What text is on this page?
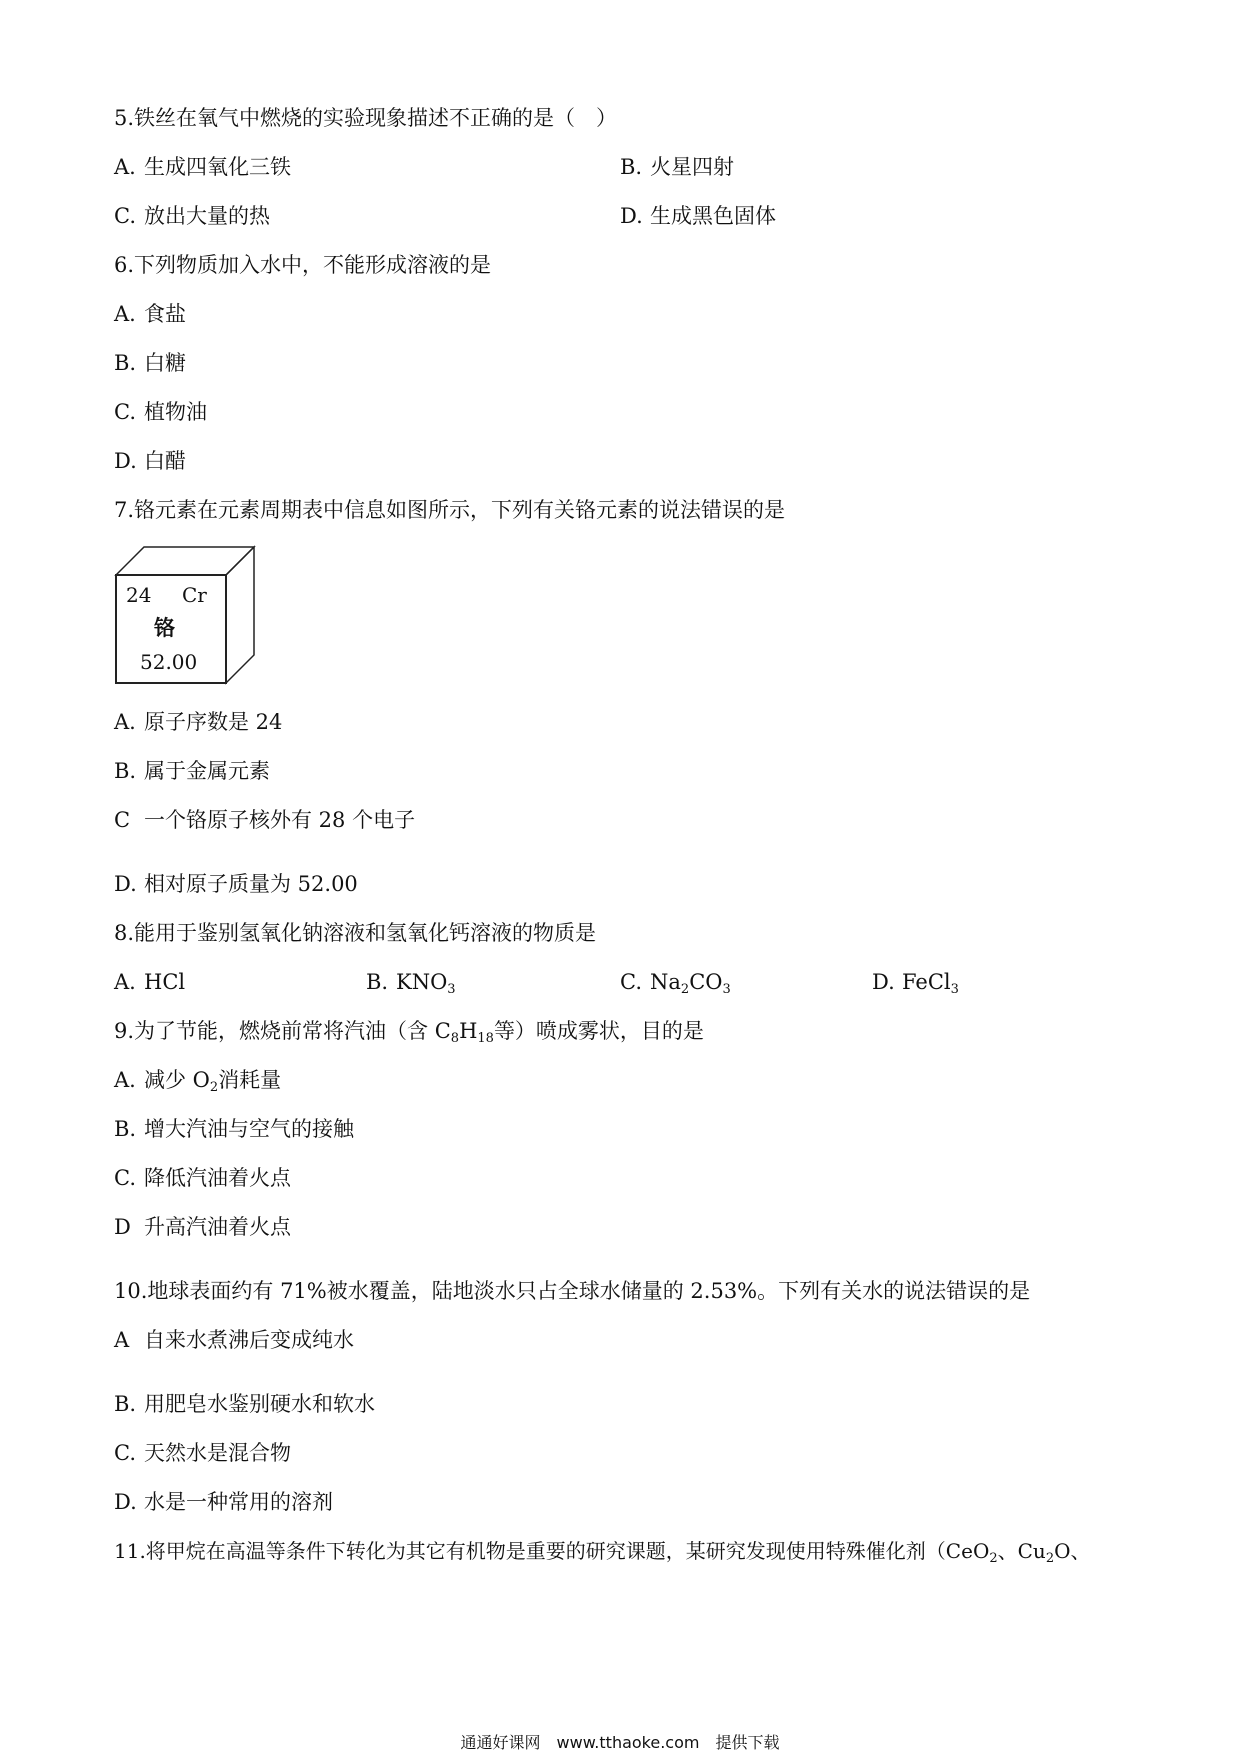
5.铁丝在氧气中燃烧的实验现象描述不正确的是（　）
A. 生成四氧化三铁	B. 火星四射
C. 放出大量的热	D. 生成黑色固体
6.下列物质加入水中，不能形成溶液的是
A. 食盐
B. 白糖
C. 植物油
D. 白醋
7.铬元素在元素周期表中信息如图所示，下列有关铬元素的说法错误的是
24 Cr
铬
52.00
A. 原子序数是 24
B. 属于金属元素
C 一个铬原子核外有 28 个电子
D. 相对原子质量为 52.00
8.能用于鉴别氢氧化钠溶液和氢氧化钙溶液的物质是
A. HCl	B. $KNO_3$	C. $Na_2CO_3$	D. FeCl$_3$
9.为了节能，燃烧前常将汽油（含 $C_8H_{18}$等）喷成雾状，目的是
A. 减少 $O_2$消耗量
B. 增大汽油与空气的接触
C. 降低汽油着火点
D 升高汽油着火点
10.地球表面约有 71%被水覆盖，陆地淡水只占全球水储量的 2.53%。下列有关水的说法错误的是
A 自来水煮沸后变成纯水
B. 用肥皂水鉴别硬水和软水
C. 天然水是混合物
D. 水是一种常用的溶剂
11.将甲烷在高温等条件下转化为其它有机物是重要的研究课题，某研究发现使用特殊催化剂（CeO$_2$、$Cu_2O$、
通通好课网　www.tthaoke.com　提供下载
